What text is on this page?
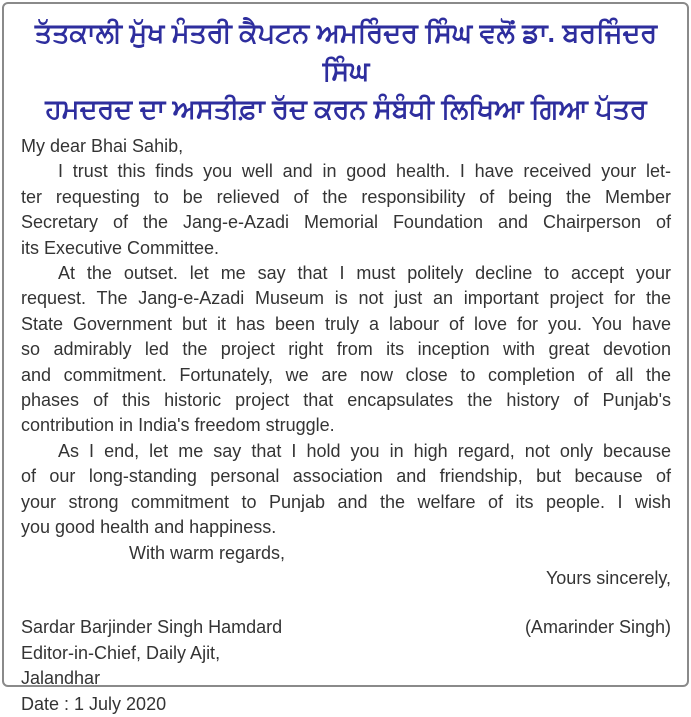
ਤੱਤਕਾਲੀ ਮੁੱਖ ਮੰਤਰੀ ਕੈਪਟਨ ਅਮਰਿੰਦਰ ਸਿੰਘ ਵਲੋਂ ਡਾ. ਬਰਜਿੰਦਰ ਸਿੰਘ
ਹਮਦਰਦ ਦਾ ਅਸਤੀਫ਼ਾ ਰੱਦ ਕਰਨ ਸੰਬੰਧੀ ਲਿਖਿਆ ਗਿਆ ਪੱਤਰ
My dear Bhai Sahib,
I trust this finds you well and in good health. I have received your let-
ter requesting to be relieved of the responsibility of being the Member
Secretary of the Jang-e-Azadi Memorial Foundation and Chairperson of
its Executive Committee.
At the outset. let me say that I must politely decline to accept your
request. The Jang-e-Azadi Museum is not just an important project for the
State Government but it has been truly a labour of love for you. You have
so admirably led the project right from its inception with great devotion
and commitment. Fortunately, we are now close to completion of all the
phases of this historic project that encapsulates the history of Punjab's
contribution in India's freedom struggle.
As I end, let me say that I hold you in high regard, not only because
of our long-standing personal association and friendship, but because of
your strong commitment to Punjab and the welfare of its people. I wish
you good health and happiness.
With warm regards,
Yours sincerely,
Sardar Barjinder Singh Hamdard	(Amarinder Singh)
Editor-in-Chief, Daily Ajit,
Jalandhar
Date : 1 July 2020
